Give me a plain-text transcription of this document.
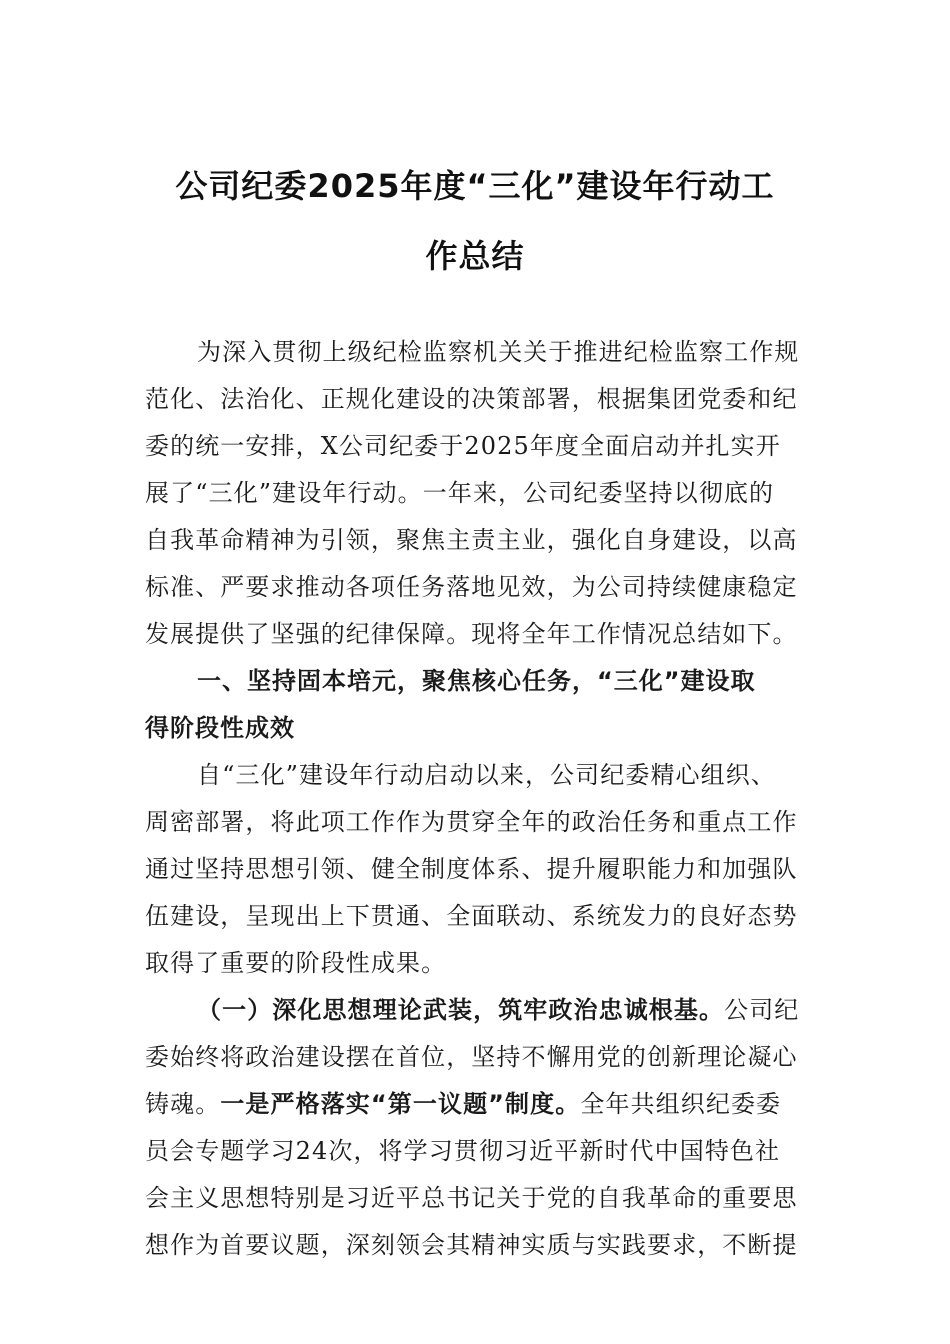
公司纪委2025年度“三化”建设年行动工
作总结
为深入贯彻上级纪检监察机关关于推进纪检监察工作规
范化、法治化、正规化建设的决策部署，根据集团党委和纪
委的统一安排，X公司纪委于2025年度全面启动并扎实开
展了“三化”建设年行动。一年来，公司纪委坚持以彻底的
自我革命精神为引领，聚焦主责主业，强化自身建设，以高
标准、严要求推动各项任务落地见效，为公司持续健康稳定
发展提供了坚强的纪律保障。现将全年工作情况总结如下。
一、坚持固本培元，聚焦核心任务，“三化”建设取
得阶段性成效
自“三化”建设年行动启动以来，公司纪委精心组织、
周密部署，将此项工作作为贯穿全年的政治任务和重点工作
通过坚持思想引领、健全制度体系、提升履职能力和加强队
伍建设，呈现出上下贯通、全面联动、系统发力的良好态势
取得了重要的阶段性成果。
（一）深化思想理论武装，筑牢政治忠诚根基。公司纪
委始终将政治建设摆在首位，坚持不懈用党的创新理论凝心
铸魂。一是严格落实“第一议题”制度。全年共组织纪委委
员会专题学习24次，将学习贯彻习近平新时代中国特色社
会主义思想特别是习近平总书记关于党的自我革命的重要思
想作为首要议题，深刻领会其精神实质与实践要求，不断提
